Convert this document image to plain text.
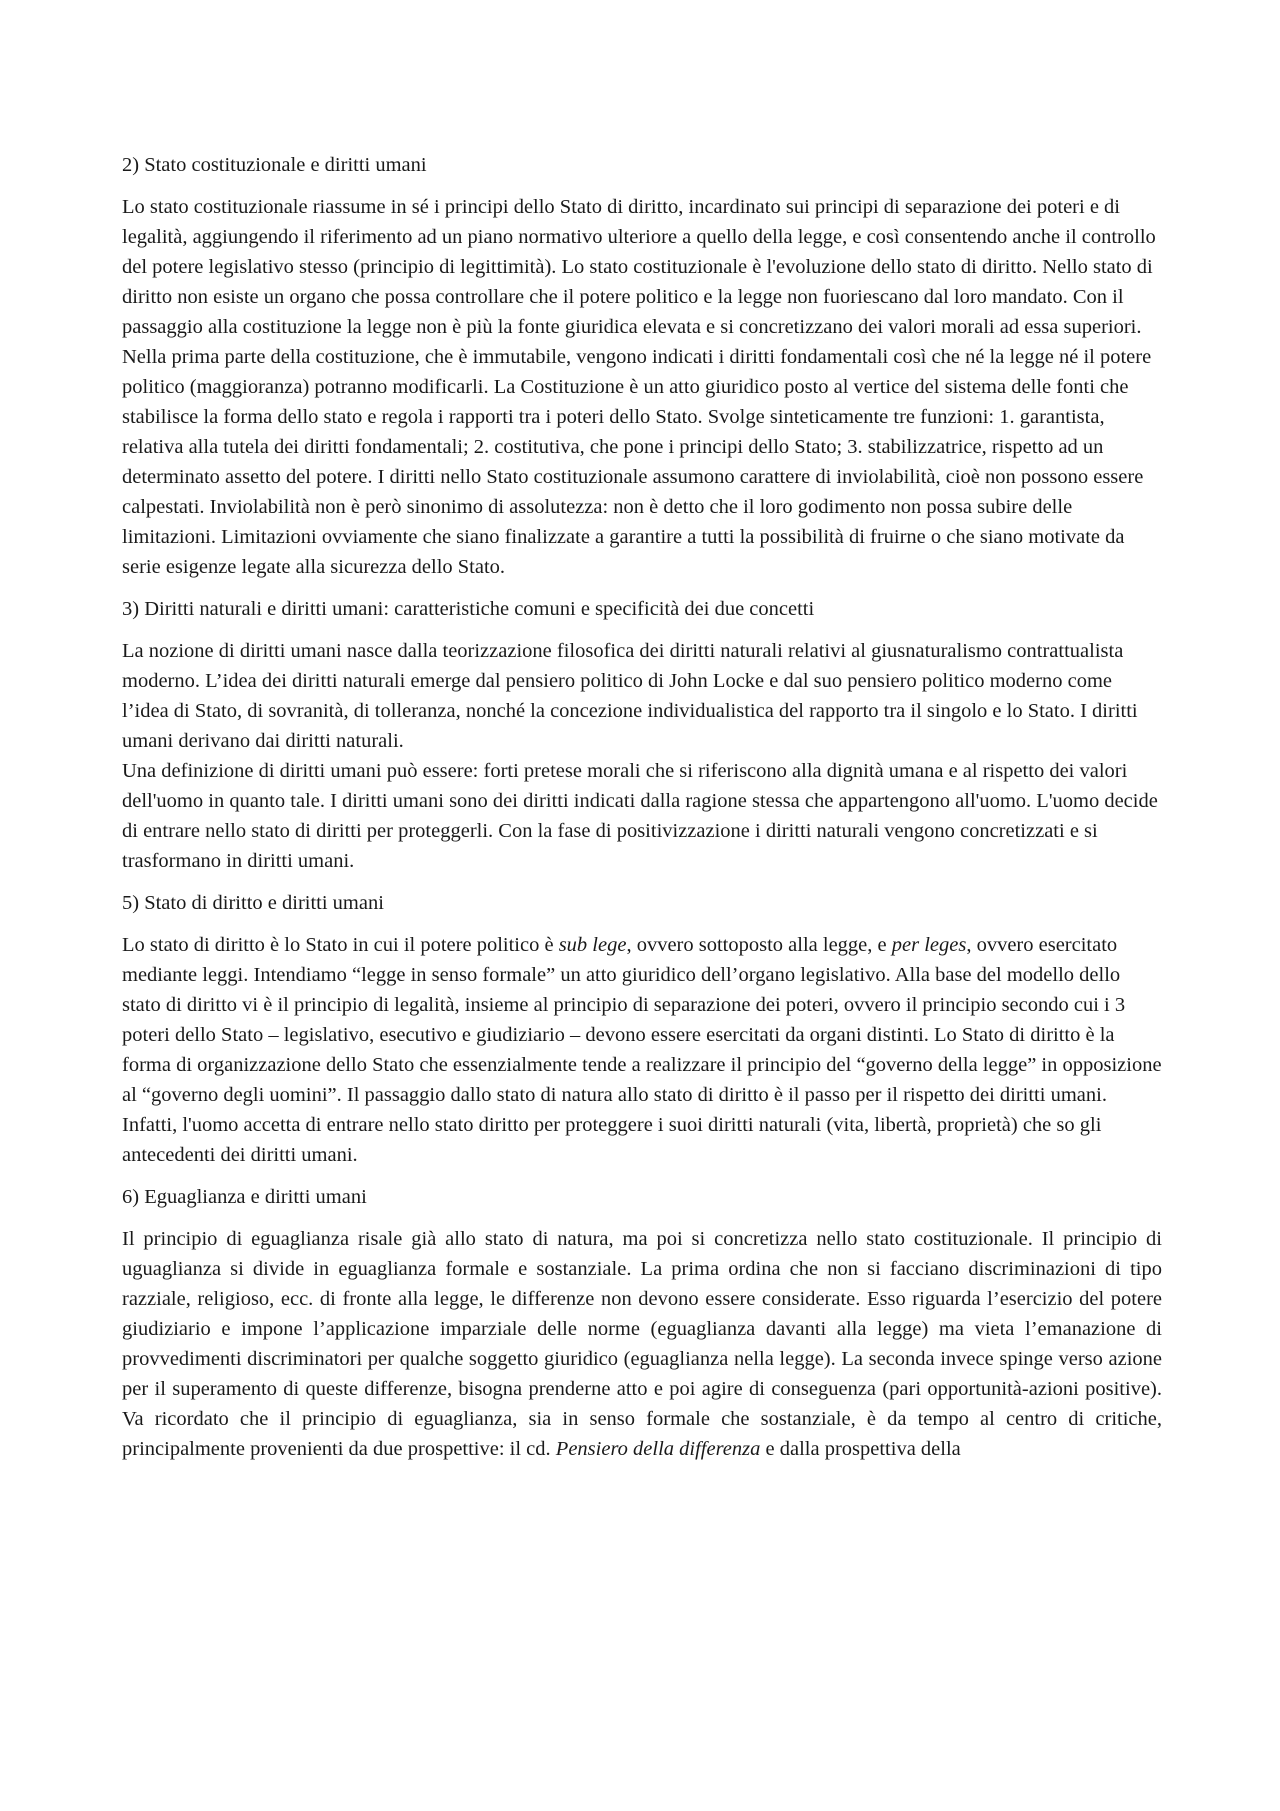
2) Stato costituzionale e diritti umani

Lo stato costituzionale riassume in sé i principi dello Stato di diritto, incardinato sui principi di separazione dei poteri e di legalità, aggiungendo il riferimento ad un piano normativo ulteriore a quello della legge, e così consentendo anche il controllo del potere legislativo stesso (principio di legittimità). Lo stato costituzionale è l'evoluzione dello stato di diritto. Nello stato di diritto non esiste un organo che possa controllare che il potere politico e la legge non fuoriescano dal loro mandato. Con il passaggio alla costituzione la legge non è più la fonte giuridica elevata e si concretizzano dei valori morali ad essa superiori. Nella prima parte della costituzione, che è immutabile, vengono indicati i diritti fondamentali così che né la legge né il potere politico (maggioranza) potranno modificarli. La Costituzione è un atto giuridico posto al vertice del sistema delle fonti che stabilisce la forma dello stato e regola i rapporti tra i poteri dello Stato. Svolge sinteticamente tre funzioni: 1. garantista, relativa alla tutela dei diritti fondamentali; 2. costitutiva, che pone i principi dello Stato; 3. stabilizzatrice, rispetto ad un determinato assetto del potere. I diritti nello Stato costituzionale assumono carattere di inviolabilità, cioè non possono essere calpestati. Inviolabilità non è però sinonimo di assolutezza: non è detto che il loro godimento non possa subire delle limitazioni. Limitazioni ovviamente che siano finalizzate a garantire a tutti la possibilità di fruirne o che siano motivate da serie esigenze legate alla sicurezza dello Stato.

3) Diritti naturali e diritti umani: caratteristiche comuni e specificità dei due concetti

La nozione di diritti umani nasce dalla teorizzazione filosofica dei diritti naturali relativi al giusnaturalismo contrattualista moderno. L’idea dei diritti naturali emerge dal pensiero politico di John Locke e dal suo pensiero politico moderno come l’idea di Stato, di sovranità, di tolleranza, nonché la concezione individualistica del rapporto tra il singolo e lo Stato. I diritti umani derivano dai diritti naturali.

Una definizione di diritti umani può essere: forti pretese morali che si riferiscono alla dignità umana e al rispetto dei valori dell'uomo in quanto tale. I diritti umani sono dei diritti indicati dalla ragione stessa che appartengono all'uomo. L'uomo decide di entrare nello stato di diritti per proteggerli. Con la fase di positivizzazione i diritti naturali vengono concretizzati e si trasformano in diritti umani.

5) Stato di diritto e diritti umani

Lo stato di diritto è lo Stato in cui il potere politico è sub lege, ovvero sottoposto alla legge, e per leges, ovvero esercitato mediante leggi. Intendiamo “legge in senso formale” un atto giuridico dell’organo legislativo. Alla base del modello dello stato di diritto vi è il principio di legalità, insieme al principio di separazione dei poteri, ovvero il principio secondo cui i 3 poteri dello Stato – legislativo, esecutivo e giudiziario – devono essere esercitati da organi distinti. Lo Stato di diritto è la forma di organizzazione dello Stato che essenzialmente tende a realizzare il principio del “governo della legge” in opposizione al “governo degli uomini”. Il passaggio dallo stato di natura allo stato di diritto è il passo per il rispetto dei diritti umani. Infatti, l'uomo accetta di entrare nello stato diritto per proteggere i suoi diritti naturali (vita, libertà, proprietà) che so gli antecedenti dei diritti umani.

6) Eguaglianza e diritti umani

Il principio di eguaglianza risale già allo stato di natura, ma poi si concretizza nello stato costituzionale. Il principio di uguaglianza si divide in eguaglianza formale e sostanziale. La prima ordina che non si facciano discriminazioni di tipo razziale, religioso, ecc. di fronte alla legge, le differenze non devono essere considerate. Esso riguarda l’esercizio del potere giudiziario e impone l’applicazione imparziale delle norme (eguaglianza davanti alla legge) ma vieta l’emanazione di provvedimenti discriminatori per qualche soggetto giuridico (eguaglianza nella legge). La seconda invece spinge verso azione per il superamento di queste differenze, bisogna prenderne atto e poi agire di conseguenza (pari opportunità-azioni positive). Va ricordato che il principio di eguaglianza, sia in senso formale che sostanziale, è da tempo al centro di critiche, principalmente provenienti da due prospettive: il cd. Pensiero della differenza e dalla prospettiva della
